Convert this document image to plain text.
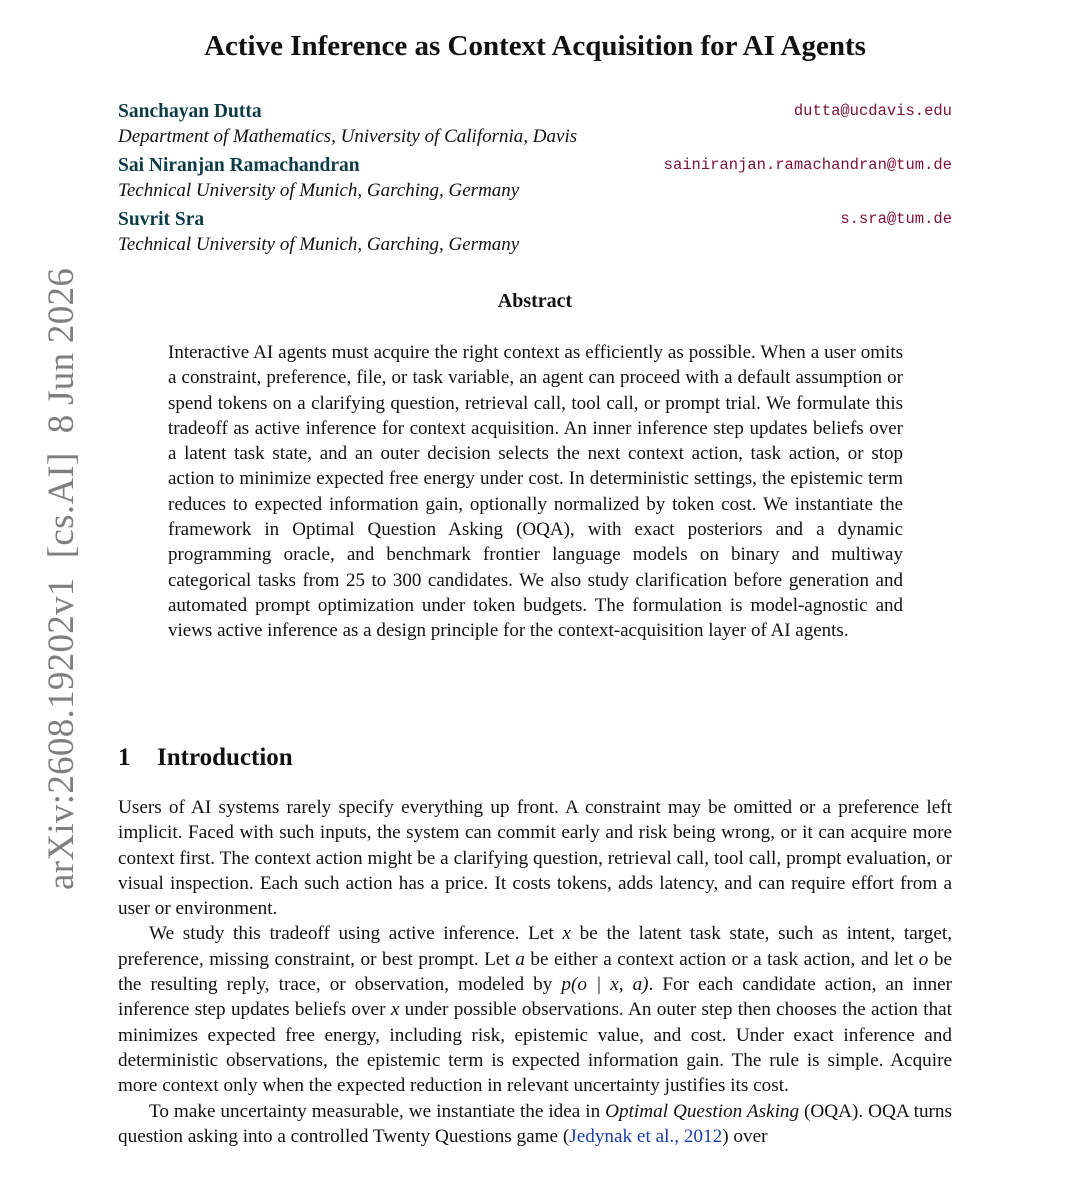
arXiv:2608.19202v1  [cs.AI]  8 Jun 2026
Active Inference as Context Acquisition for AI Agents
Sanchayan Dutta
Department of Mathematics, University of California, Davis
dutta@ucdavis.edu
Sai Niranjan Ramachandran
Technical University of Munich, Garching, Germany
sainiranjan.ramachandran@tum.de
Suvrit Sra
Technical University of Munich, Garching, Germany
s.sra@tum.de
Abstract

Interactive AI agents must acquire the right context as efficiently as possible. When a user omits a constraint, preference, file, or task variable, an agent can proceed with a default assumption or spend tokens on a clarifying question, retrieval call, tool call, or prompt trial. We formulate this tradeoff as active inference for context acquisition. An inner inference step updates beliefs over a latent task state, and an outer decision selects the next context action, task action, or stop action to minimize expected free energy under cost. In deterministic settings, the epistemic term reduces to expected information gain, optionally normalized by token cost. We instantiate the framework in Optimal Question Asking (OQA), with exact posteriors and a dynamic programming oracle, and benchmark frontier language models on binary and multiway categorical tasks from 25 to 300 candidates. We also study clarification before generation and automated prompt optimization under token budgets. The formulation is model-agnostic and views active inference as a design principle for the context-acquisition layer of AI agents.

1 Introduction

Users of AI systems rarely specify everything up front. A constraint may be omitted or a preference left implicit. Faced with such inputs, the system can commit early and risk being wrong, or it can acquire more context first. The context action might be a clarifying question, retrieval call, tool call, prompt evaluation, or visual inspection. Each such action has a price. It costs tokens, adds latency, and can require effort from a user or environment.

We study this tradeoff using active inference. Let x be the latent task state, such as intent, target, preference, missing constraint, or best prompt. Let a be either a context action or a task action, and let o be the resulting reply, trace, or observation, modeled by p(o | x, a). For each candidate action, an inner inference step updates beliefs over x under possible observations. An outer step then chooses the action that minimizes expected free energy, including risk, epistemic value, and cost. Under exact inference and deterministic observations, the epistemic term is expected information gain. The rule is simple. Acquire more context only when the expected reduction in relevant uncertainty justifies its cost.

To make uncertainty measurable, we instantiate the idea in Optimal Question Asking (OQA). OQA turns question asking into a controlled Twenty Questions game (Jedynak et al., 2012) over
